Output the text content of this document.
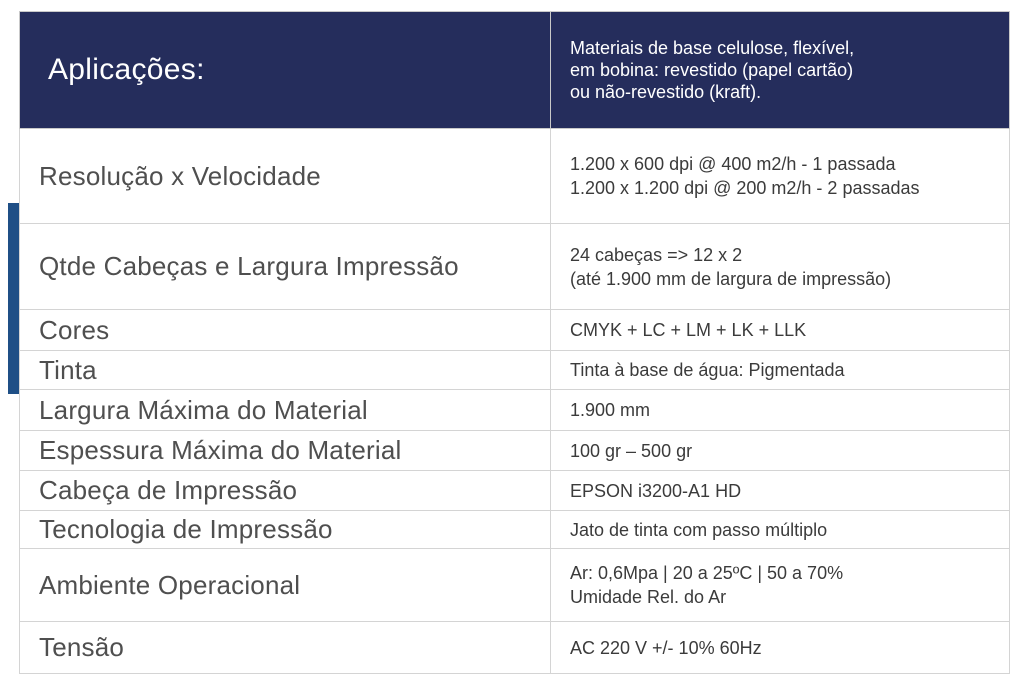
Aplicações:	Materiais de base celulose, flexível,
em bobina: revestido (papel cartão)
ou não-revestido (kraft).
Resolução x Velocidade	1.200 x 600 dpi @ 400 m2/h - 1 passada
1.200 x 1.200 dpi @ 200 m2/h - 2 passadas
Qtde Cabeças e Largura Impressão	24 cabeças => 12 x 2
(até 1.900 mm de largura de impressão)
Cores	CMYK + LC + LM + LK + LLK
Tinta	Tinta à base de água: Pigmentada
Largura Máxima do Material	1.900 mm
Espessura Máxima do Material	100 gr – 500 gr
Cabeça de Impressão	EPSON i3200-A1 HD
Tecnologia de Impressão	Jato de tinta com passo múltiplo
Ambiente Operacional	Ar: 0,6Mpa | 20 a 25ºC | 50 a 70%
Umidade Rel. do Ar
Tensão	AC 220 V +/- 10% 60Hz
